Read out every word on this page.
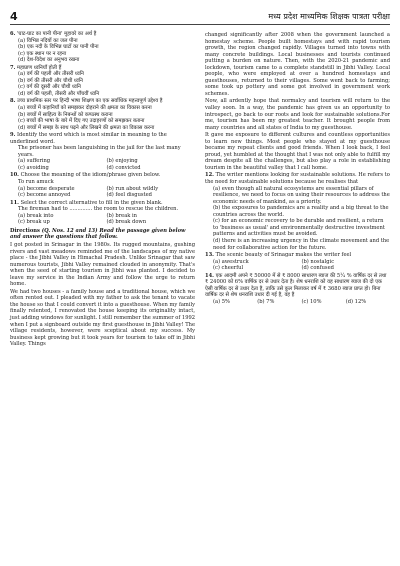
4	मध्य प्रदेश माध्यमिक शिक्षक पात्रता परीक्षा
6. 'घाट-घाट का पानी पीना' मुहावरे का अर्थ है
(a) विभिन्न नदियों का जल पीना
(b) एक नदी के विभिन्न घाटों का पानी पीना
(c) एक स्थान पर न रहना
(d) देश-विदेश का अनुभव रखना
7. महाप्राण ध्वनियाँ होती हैं
(a) वर्ग की पहली और तीसरी ध्वनि
(b) वर्ग की तीसरी और चौथी ध्वनि
(c) वर्ग की दूसरी और चौथी ध्वनि
(d) वर्ग की पहली, तीसरी और पाँचवीं ध्वनि
8. उच्च प्राथमिक स्तर पर हिन्दी भाषा शिक्षण का एक सर्वाधिक महत्त्वपूर्ण उद्देश्य है
(a) बच्चों में कहानियाँ को समझकर दोहराने की क्षमता का विकास करना
(b) बच्चों में साहित्य के निबन्धों को कण्ठस्थ कराना
(c) बच्चों की भाषा के बारे में दिए गए उदाहरणों को समझकर बताना
(d) बच्चों में समझ के साथ पढ़ने और लिखने की क्षमता का विकास करना
9. Identify the word which is most similar in meaning to the underlined word.
The prisoner has been languishing in the jail for the last many years.
(a) suffering	(b) enjoying
(c) avoiding	(d) convicted
10. Choose the meaning of the idiom/phrase given below.
To run amuck
(a) become desperate	(b) run about wildly
(c) become annoyed	(d) feel disgusted
11. Select the correct alternative to fill in the given blank.
The fireman had to .............. the room to rescue the children.
(a) break into	(b) break in
(c) break up	(d) break down
Directions (Q. Nos. 12 and 13) Read the passage given below and answer the questions that follow.

I got posted in Srinagar in the 1980s. Its rugged mountains, gushing rivers and vast meadows reminded me of the landscapes of my native place - the Jibhi Valley in Himachal Pradesh. Unlike Srinagar that saw numerous tourists, Jibhi Valley remained clouded in anonymity. That's when the seed of starting tourism in Jibhi was planted. I decided to leave my service in the Indian Army and follow the urge to return home.

We had two houses - a family house and a traditional house, which we often rented out. I pleaded with my father to ask the tenant to vacate the house so that I could convert it into a guesthouse. When my family finally relented, I renovated the house keeping its originality intact, just adding windows for sunlight. I still remember the summer of 1992 when I put a signboard outside my first guesthouse in Jibhi Valley! The village residents, however, were sceptical about my success. My business kept growing but it took years for tourism to take off in Jibhi Valley. Things

changed significantly after 2008 when the government launched a homestay scheme. People built homestays and with rapid tourism growth, the region changed rapidly. Villages turned into towns with many concrete buildings. Local businesses and tourists continued putting a burden on nature. Then, with the 2020-21 pandemic and lockdown, tourism came to a complete standstill in Jibhi Valley. Local people, who were employed at over a hundred homestays and guesthouses, returned to their villages. Some went back to farming; some took up pottery and some got involved in government work schemes.

Now, all ardently hope that normalcy and tourism will return to the valley soon. In a way, the pandemic has given us an opportunity to introspect, go back to our roots and look for sustainable solutions.For me, tourism has been my greatest teacher. It brought people from many countries and all states of India to my guesthouse.

It gave me exposure to different cultures and countless opportunities to learn new things. Most people who stayed at my guesthouse became my repeat clients and good friends. When I look back, I feel proud, yet humbled at the thought that I was not only able to fulfill my dream despite all the challenges, but also play a role in establishing tourism in the beautiful valley that I call home.

12. The writer mentions looking for sustainable solutions. He refers to the need for sustainable solutions because he realises that
(a) even though all natural ecosystems are essential pillars of resilience, we need to focus on using their resources to address the economic needs of mankind, as a priority.
(b) the exposures to pandemics are a reality and a big threat to the countries across the world.
(c) for an economic recovery to be durable and resilient, a return to 'business as usual' and environmentally destructive investment patterns and activities must be avoided.
(d) there is an increasing urgency in the climate movement and the need for collaborative action for the future.
13. The scenic beauty of Srinagar makes the writer feel
(a) awestruck	(b) nostalgic
(c) cheerful	(d) confused
14. एक आदमी अपने ₹ 50000 में से ₹ 8000 साधारण ब्याज की 5¼ % वार्षिक दर से तथा ₹ 24000 को 6% वार्षिक दर से उधार देता है। शेष धनराशि को वह साधारण ब्याज की दो एक ऐसी वार्षिक दर से उधार देता है, ताकि उसे कुल मिलाकर वर्ष में ₹ 3680 ब्याज प्राप्त हो। बिना वार्षिक दर से शेष धनराशि उधार दी गई है, वह है
(a) 5%	(b) 7%	(c) 10%	(d) 12%
